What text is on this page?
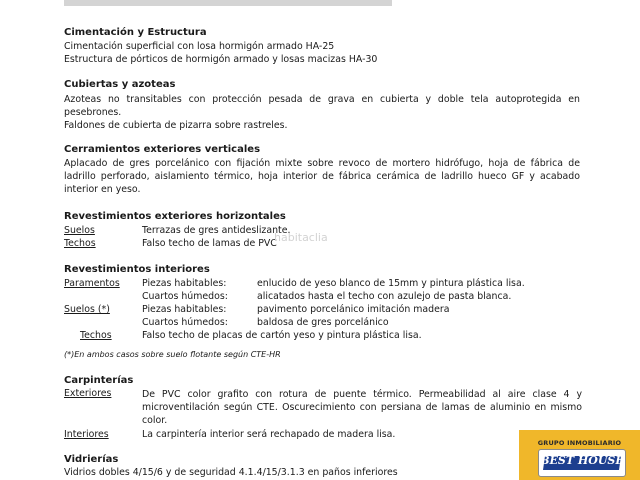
Cimentación y Estructura
Cimentación superficial con losa hormigón armado HA-25
Estructura de pórticos de hormigón armado y losas macizas HA-30
Cubiertas y azoteas
Azoteas no transitables con protección pesada de grava en cubierta y doble tela autoprotegida en pesebrones.
Faldones de cubierta de pizarra sobre rastreles.
Cerramientos exteriores verticales
Aplacado de gres porcelánico con fijación mixte sobre revoco de mortero hidrófugo, hoja de fábrica de ladrillo perforado, aislamiento térmico, hoja interior de fábrica cerámica de ladrillo hueco GF y acabado interior en yeso.
Revestimientos exteriores horizontales
Suelos	Terrazas de gres antideslizante.
Techos	Falso techo de lamas de PVC
habitaclia
Revestimientos interiores
Paramentos Piezas habitables:	enlucido de yeso blanco de 15mm y pintura plástica lisa.
Cuartos húmedos:	alicatados hasta el techo con azulejo de pasta blanca.
Suelos (*)	Piezas habitables:	pavimento porcelánico imitación madera
Cuartos húmedos:	baldosa de gres porcelánico
Techos	Falso techo de placas de cartón yeso y pintura plástica lisa.
(*)En ambos casos sobre suelo flotante según CTE-HR
Carpinterías
Exteriores	De PVC color grafito con rotura de puente térmico. Permeabilidad al aire clase 4 y microventilación según CTE. Oscurecimiento con persiana de lamas de aluminio en mismo color.
Interiores	La carpintería interior será rechapado de madera lisa.
Vidrierías
Vidrios dobles 4/15/6 y de seguridad 4.1.4/15/3.1.3 en paños inferiores
GRUPO INMOBILIARIO
BEST HOUSE
